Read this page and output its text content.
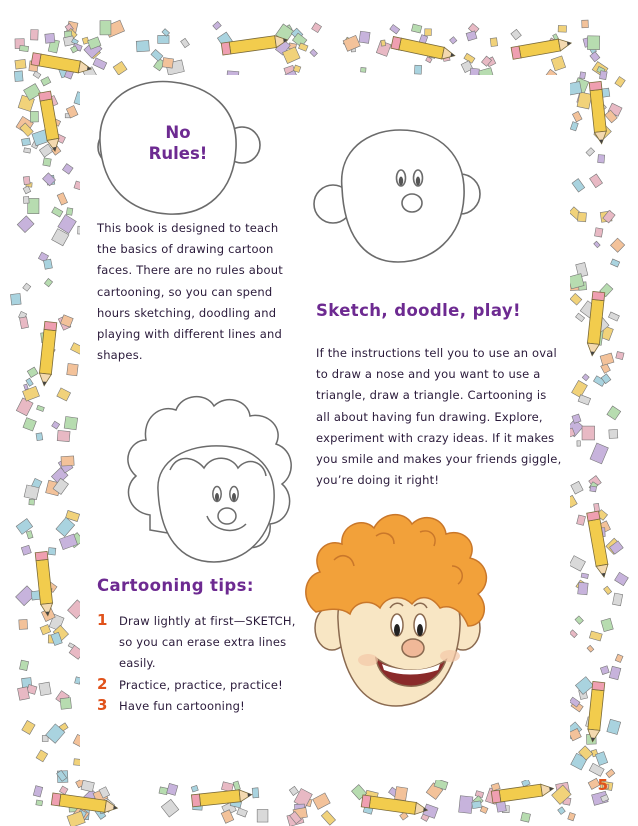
No
Rules!
This book is designed to teach
the basics of drawing cartoon
faces. There are no rules about
cartooning, so you can spend
hours sketching, doodling and
playing with different lines and
shapes.
Sketch, doodle, play!
If the instructions tell you to use an oval
to draw a nose and you want to use a
triangle, draw a triangle. Cartooning is
all about having fun drawing. Explore,
experiment with crazy ideas. If it makes
you smile and makes your friends giggle,
you’re doing it right!
Cartooning tips:
1 Draw lightly at first—SKETCH,
so you can erase extra lines
easily.
2 Practice, practice, practice!
3 Have fun cartooning!
5
